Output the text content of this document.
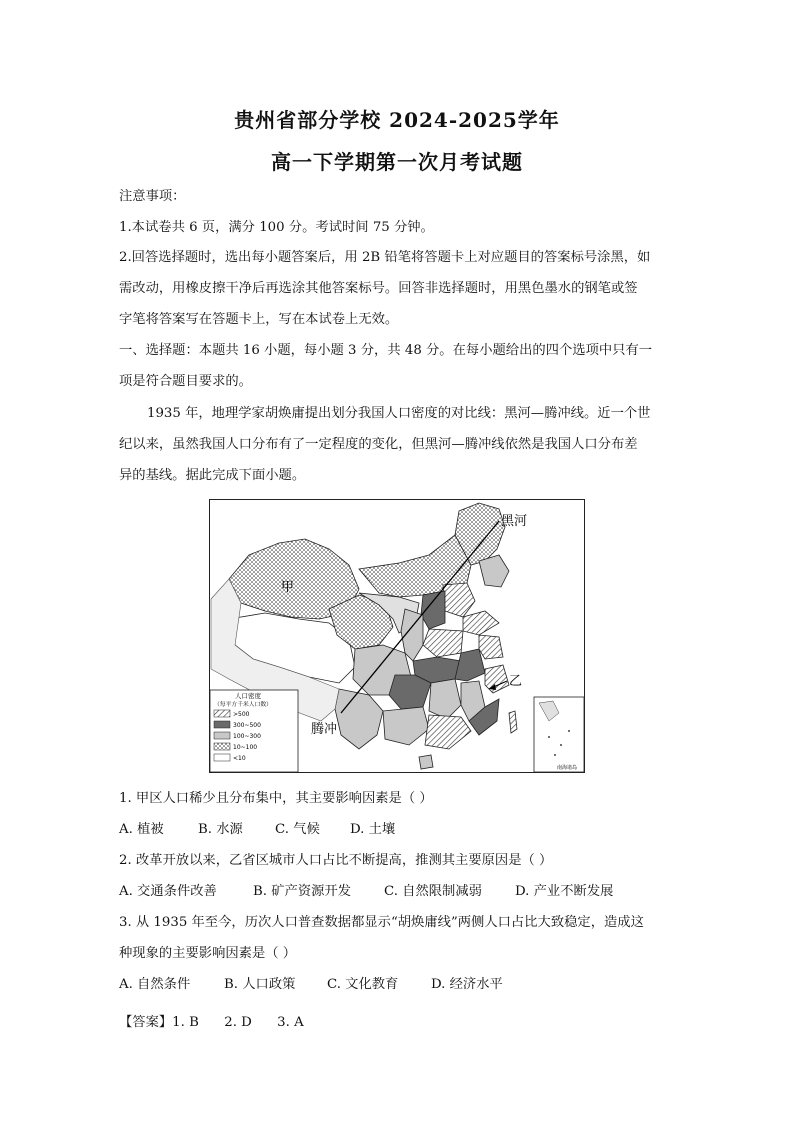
贵州省部分学校 2024-2025学年
高一下学期第一次月考试题
注意事项：
1.本试卷共 6 页，满分 100 分。考试时间 75 分钟。
2.回答选择题时，选出每小题答案后，用 2B 铅笔将答题卡上对应题目的答案标号涂黑，如
需改动，用橡皮擦干净后再选涂其他答案标号。回答非选择题时，用黑色墨水的钢笔或签
字笔将答案写在答题卡上，写在本试卷上无效。
一、选择题：本题共 16 小题，每小题 3 分，共 48 分。在每小题给出的四个选项中只有一
项是符合题目要求的。
1935 年，地理学家胡焕庸提出划分我国人口密度的对比线：黑河—腾冲线。近一个世
纪以来，虽然我国人口分布有了一定程度的变化，但黑河—腾冲线依然是我国人口分布差
异的基线。据此完成下面小题。
黑河
甲
乙
腾冲
人口密度
（每平方千米人口数）
>500
300~500
100~300
10~100
<10
南海诸岛
1. 甲区人口稀少且分布集中，其主要影响因素是（ ）
A. 植被	B. 水源 C. 气候 D. 土壤
2. 改革开放以来，乙省区城市人口占比不断提高，推测其主要原因是（ ）
A. 交通条件改善	B. 矿产资源开发 C. 自然限制减弱 D. 产业不断发展
3. 从 1935 年至今，历次人口普查数据都显示“胡焕庸线”两侧人口占比大致稳定，造成这
种现象的主要影响因素是（ ）
A. 自然条件	B. 人口政策 C. 文化教育 D. 经济水平
【答案】1. B      2. D      3. A
